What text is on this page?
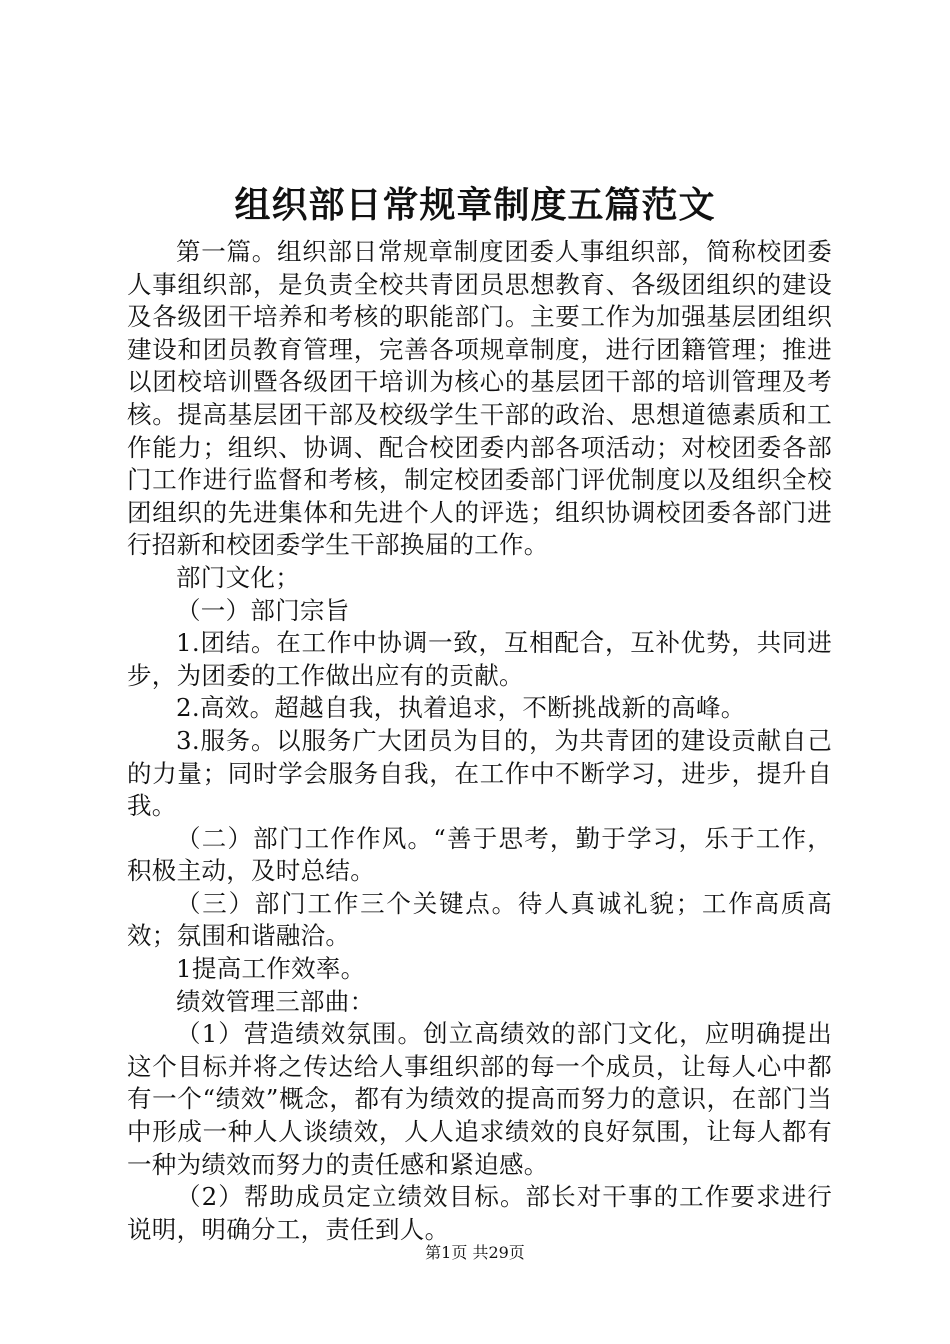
组织部日常规章制度五篇范文

第一篇。组织部日常规章制度团委人事组织部，简称校团委人事组织部，是负责全校共青团员思想教育、各级团组织的建设及各级团干培养和考核的职能部门。主要工作为加强基层团组织建设和团员教育管理，完善各项规章制度，进行团籍管理；推进以团校培训暨各级团干培训为核心的基层团干部的培训管理及考核。提高基层团干部及校级学生干部的政治、思想道德素质和工作能力；组织、协调、配合校团委内部各项活动；对校团委各部门工作进行监督和考核，制定校团委部门评优制度以及组织全校团组织的先进集体和先进个人的评选；组织协调校团委各部门进行招新和校团委学生干部换届的工作。

部门文化；

（一）部门宗旨

1.团结。在工作中协调一致，互相配合，互补优势，共同进步，为团委的工作做出应有的贡献。

2.高效。超越自我，执着追求，不断挑战新的高峰。

3.服务。以服务广大团员为目的，为共青团的建设贡献自己的力量；同时学会服务自我，在工作中不断学习，进步，提升自我。

（二）部门工作作风。“善于思考，勤于学习，乐于工作，积极主动，及时总结。

（三）部门工作三个关键点。待人真诚礼貌；工作高质高效；氛围和谐融洽。

1提高工作效率。

绩效管理三部曲：

（1）营造绩效氛围。创立高绩效的部门文化，应明确提出这个目标并将之传达给人事组织部的每一个成员，让每人心中都有一个“绩效”概念，都有为绩效的提高而努力的意识，在部门当中形成一种人人谈绩效，人人追求绩效的良好氛围，让每人都有一种为绩效而努力的责任感和紧迫感。

（2）帮助成员定立绩效目标。部长对干事的工作要求进行说明，明确分工，责任到人。

第1页 共29页
